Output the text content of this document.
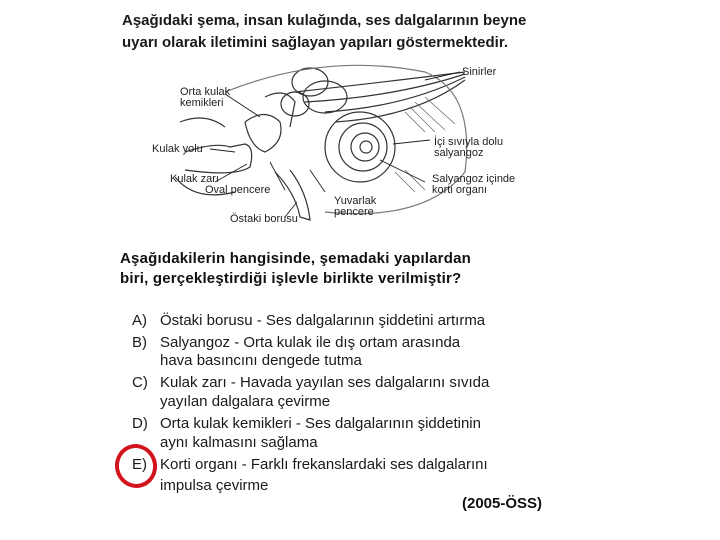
Aşağıdaki şema, insan kulağında, ses dalgalarının beyne
uyarı olarak iletimini sağlayan yapıları göstermektedir.
Sinirler
Orta kulak
kemikleri
Kulak yolu
İçi sıvıyla dolu
salyangoz
Kulak zarı
Oval pencere
Salyangoz içinde
korti organı
Yuvarlak
pencere
Östaki borusu
Aşağıdakilerin hangisinde, şemadaki yapılardan
biri, gerçekleştirdiği işlevle birlikte verilmiştir?
A) Östaki borusu - Ses dalgalarının şiddetini artırma
B) Salyangoz - Orta kulak ile dış ortam arasında
hava basıncını dengede tutma
C) Kulak zarı - Havada yayılan ses dalgalarını sıvıda
yayılan dalgalara çevirme
D) Orta kulak kemikleri - Ses dalgalarının şiddetinin
aynı kalmasını sağlama
E) Korti organı - Farklı frekanslardaki ses dalgalarını
impulsa çevirme
(2005-ÖSS)
